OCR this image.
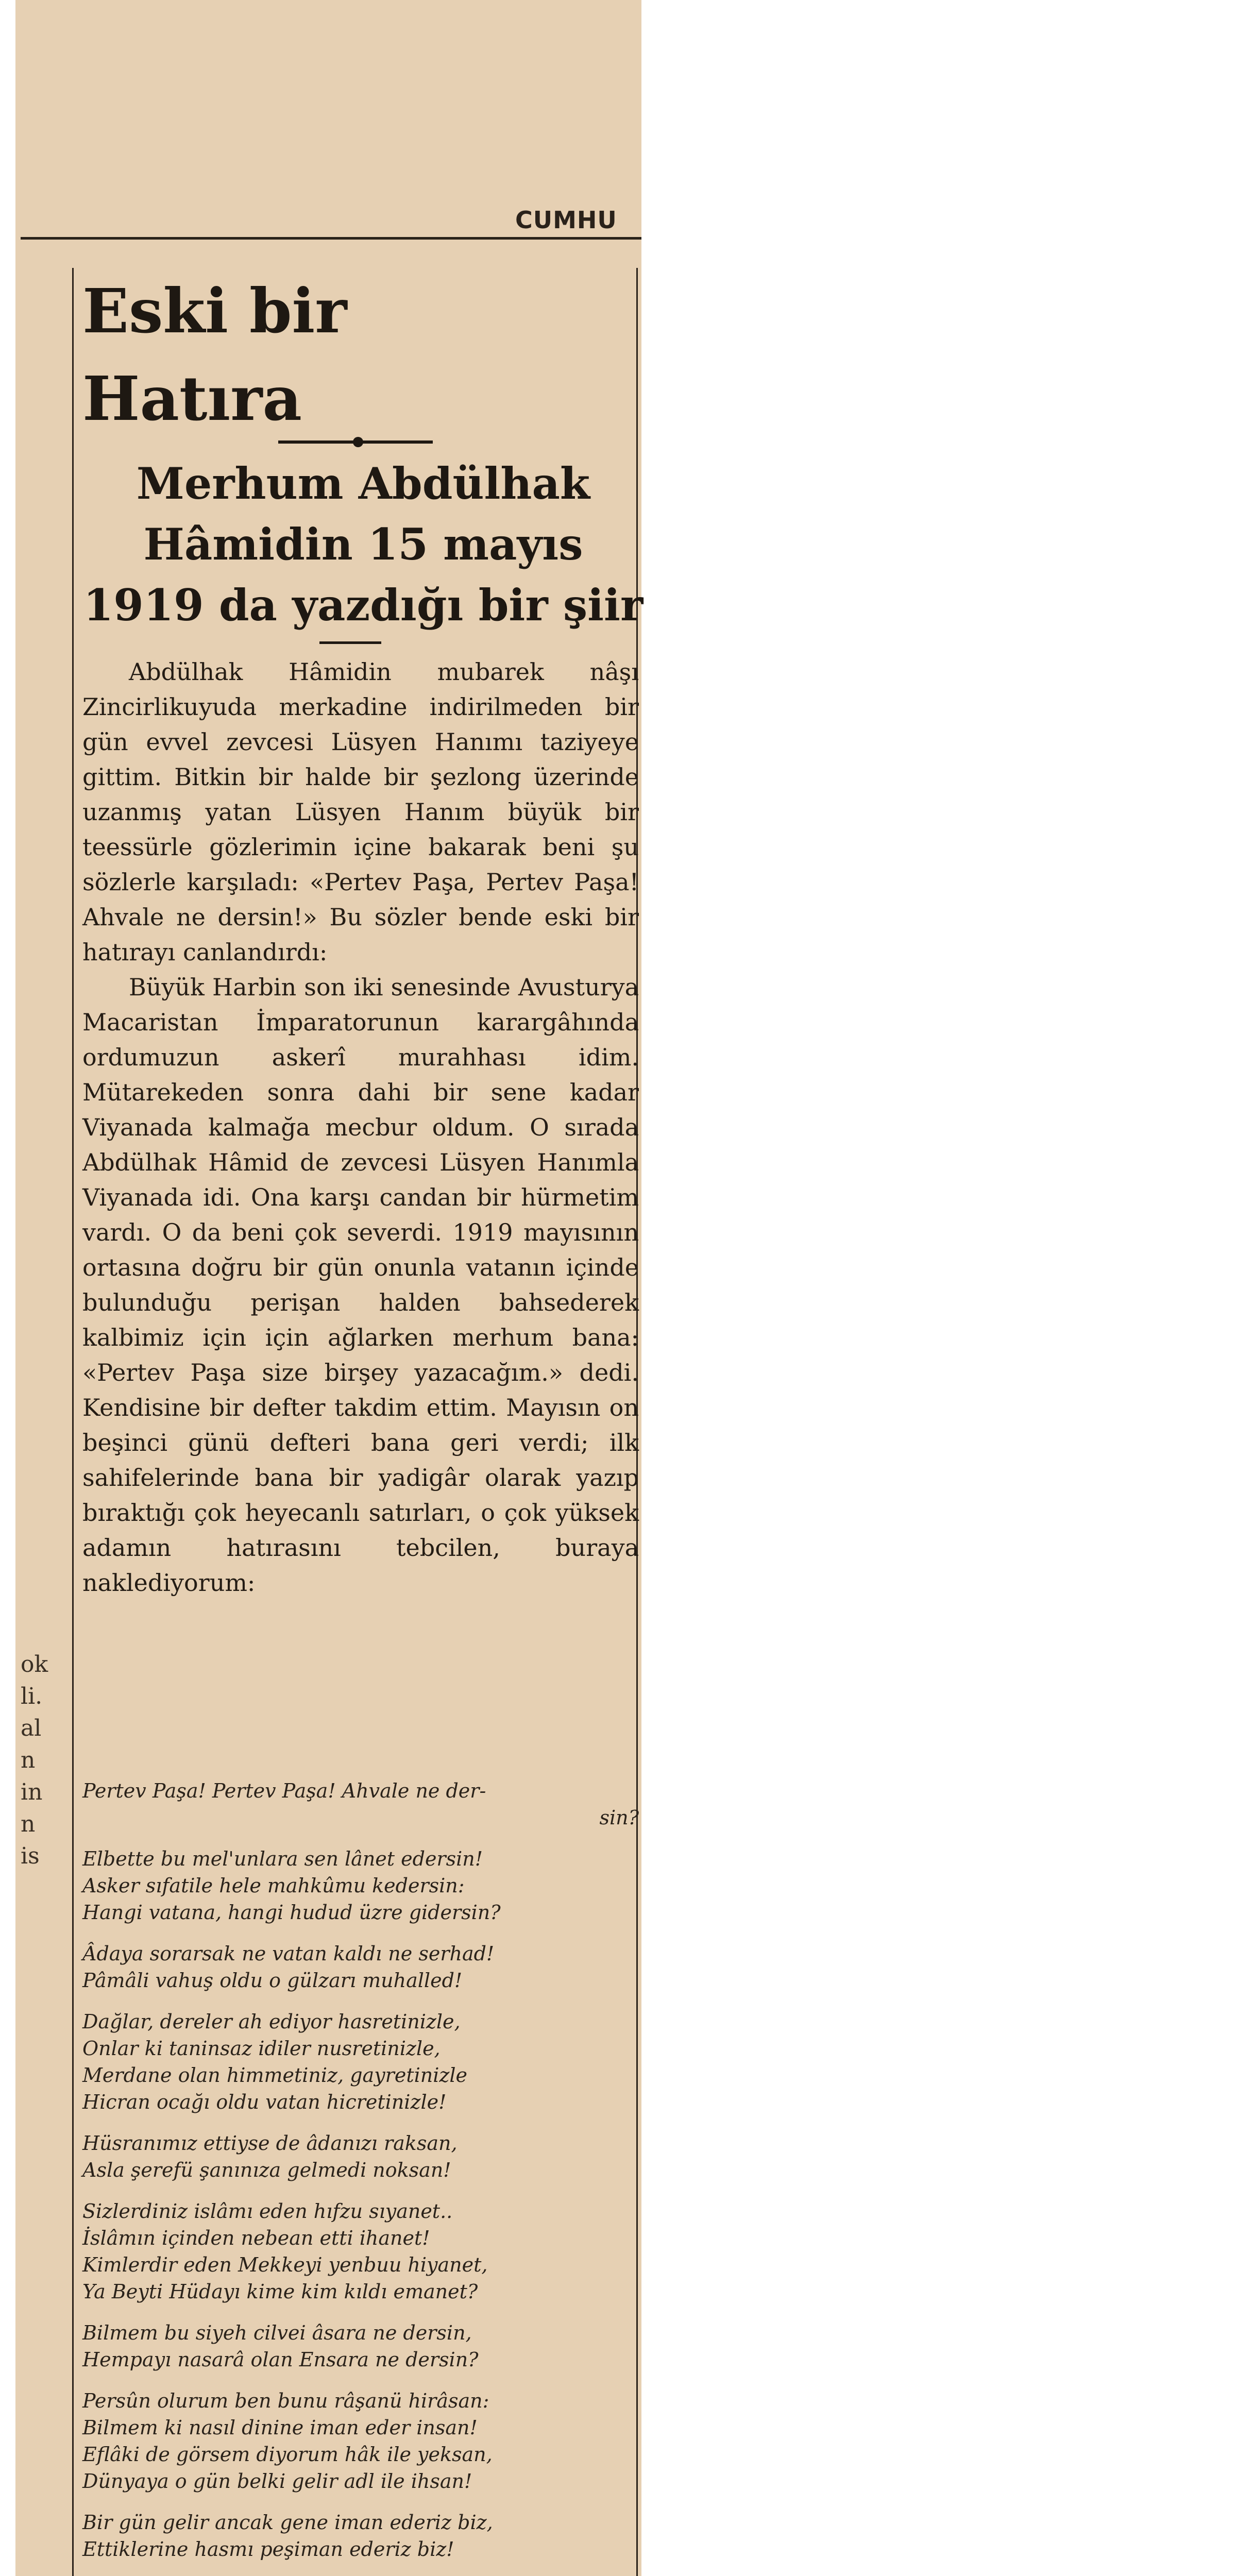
CUMHU
Eski bir
Hatıra
Merhum Abdülhak Hâmidin 15 mayıs 1919 da yazdığı bir şiir

Abdülhak Hâmidin mubarek nâşı Zincirlikuyuda merkadine indirilmeden bir gün evvel zevcesi Lüsyen Hanımı taziyeye gittim. Bitkin bir halde bir şezlong üzerinde uzanmış yatan Lüsyen Hanım büyük bir teessürle gözlerimin içine bakarak beni şu sözlerle karşıladı: «Pertev Paşa, Pertev Paşa! Ahvale ne dersin!» Bu sözler bende eski bir hatırayı canlandırdı:

Büyük Harbin son iki senesinde Avusturya Macaristan İmparatorunun karargâhında ordumuzun askerî murahhası idim. Mütarekeden sonra dahi bir sene kadar Viyanada kalmağa mecbur oldum. O sırada Abdülhak Hâmid de zevcesi Lüsyen Hanımla Viyanada idi. Ona karşı candan bir hürmetim vardı. O da beni çok severdi. 1919 mayısının ortasına doğru bir gün onunla vatanın içinde bulunduğu perişan halden bahsederek kalbimiz için için ağlarken merhum bana: «Pertev Paşa size birşey yazacağım.» dedi. Kendisine bir defter takdim ettim. Mayısın on beşinci günü defteri bana geri verdi; ilk sahifelerinde bana bir yadigâr olarak yazıp bıraktığı çok heyecanlı satırları, o çok yüksek adamın hatırasını tebcilen, buraya naklediyorum:

Pertev Paşa! Pertev Paşa! Ahvale ne der-
sin?
Elbette bu mel'unlara sen lânet edersin!
Asker sıfatile hele mahkûmu kedersin:
Hangi vatana, hangi hudud üzre gidersin?
Âdaya sorarsak ne vatan kaldı ne serhad!
Pâmâli vahuş oldu o gülzarı muhalled!
Dağlar, dereler ah ediyor hasretinizle,
Onlar ki taninsaz idiler nusretinizle,
Merdane olan himmetiniz, gayretinizle
Hicran ocağı oldu vatan hicretinizle!
Hüsranımız ettiyse de âdanızı raksan,
Asla şerefü şanınıza gelmedi noksan!
Sizlerdiniz islâmı eden hıfzu sıyanet..
İslâmın içinden nebean etti ihanet!
Kimlerdir eden Mekkeyi yenbuu hiyanet,
Ya Beyti Hüdayı kime kim kıldı emanet?
Bilmem bu siyeh cilvei âsara ne dersin,
Hempayı nasarâ olan Ensara ne dersin?
Persûn olurum ben bunu râşanü hirâsan:
Bilmem ki nasıl dinine iman eder insan!
Eflâki de görsem diyorum hâk ile yeksan,
Dünyaya o gün belki gelir adl ile ihsan!
Bir gün gelir ancak gene iman ederiz biz,
Ettiklerine hasmı peşiman ederiz biz!

ok
li.
al
n
in
n
is
